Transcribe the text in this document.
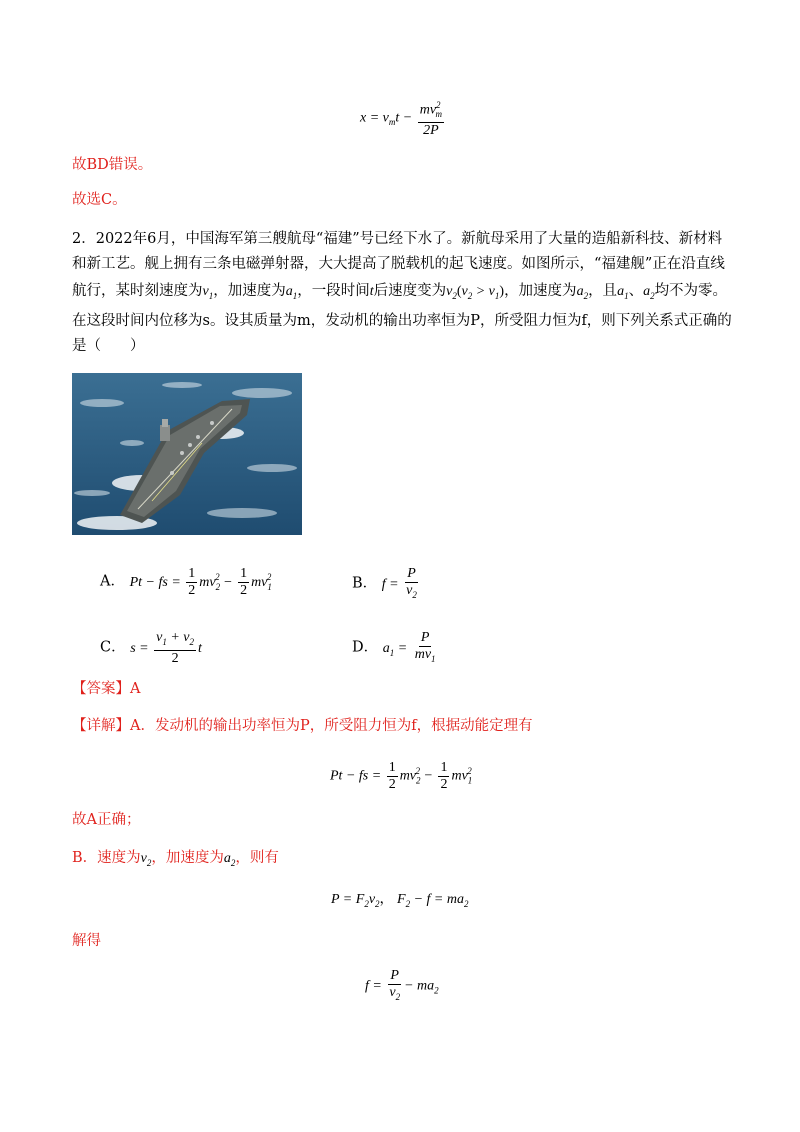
$x = v_mt - \frac{mv^2_m}{2P}$
故BD错误。
故选C。
2．2022年6月，中国海军第三艘航母“福建”号已经下水了。新航母采用了大量的造船新科技、新材料
和新工艺。舰上拥有三条电磁弹射器，大大提高了脱载机的起飞速度。如图所示，“福建舰”正在沿直线
航行，某时刻速度为$v_1$，加速度为$a_1$，一段时间t后速度变为$v_2(v_2 > v_1)$，加速度为$a_2$，且$a_1$、$a_2$均不为零。
在这段时间内位移为s。设其质量为m，发动机的输出功率恒为P，所受阻力恒为f，则下列关系式正确的
是（　　）
A． Pt − fs = $\frac{1}{2} mv_2^2 - \frac{1}{2} mv_1^2$	B． $f = \frac{P}{v_2}$
C． $s = \frac{v_1 + v_2}{2}$ t	D． $a_1 = \frac{P}{mv_1}$
【答案】A
【详解】A．发动机的输出功率恒为P，所受阻力恒为f，根据动能定理有
Pt − fs = $\frac{1}{2} mv_2^2 - \frac{1}{2} mv_1^2$
故A正确；
B．速度为$v_2$，加速度为$a_2$，则有
$P = F_2v_2$， $F_2 - f = ma_2$
解得
$f = \frac{P}{v_2} - ma_2$
